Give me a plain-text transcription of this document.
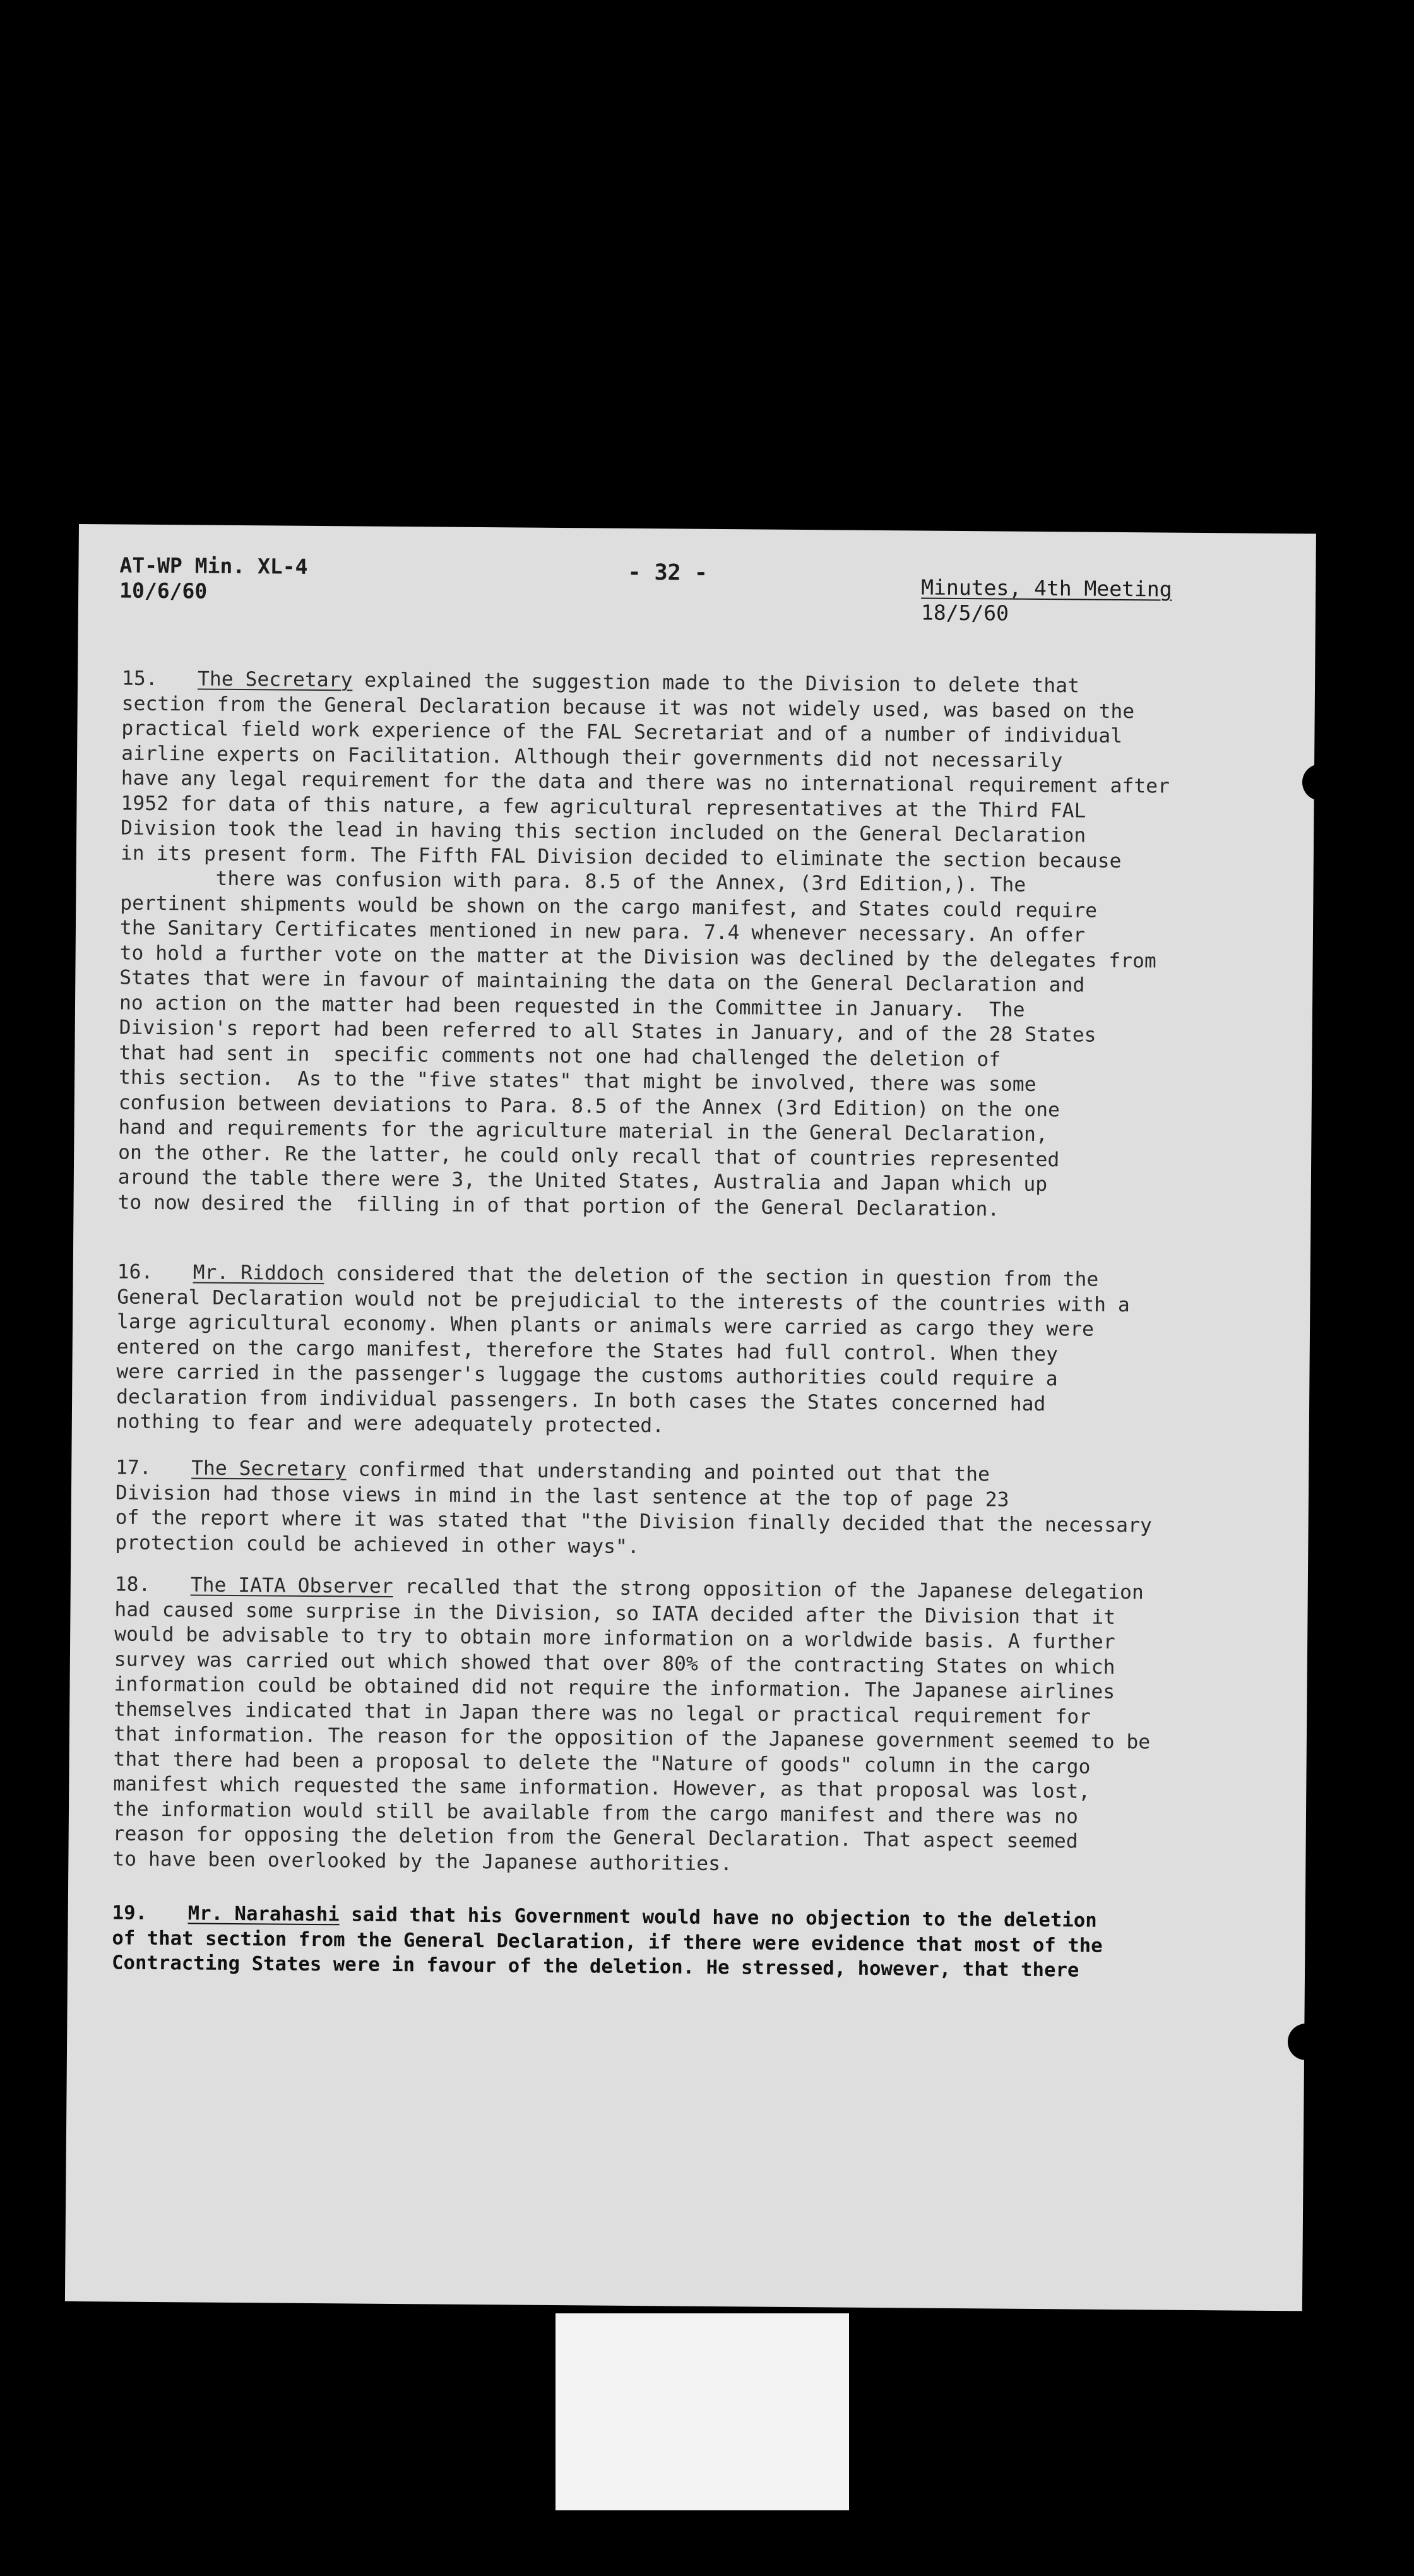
AT-WP Min. XL-4
10/6/60
- 32 -
Minutes, 4th Meeting
18/5/60
15. The Secretary explained the suggestion made to the Division to delete that
section from the General Declaration because it was not widely used, was based on the
practical field work experience of the FAL Secretariat and of a number of individual
airline experts on Facilitation. Although their governments did not necessarily
have any legal requirement for the data and there was no international requirement after
1952 for data of this nature, a few agricultural representatives at the Third FAL
Division took the lead in having this section included on the General Declaration
in its present form. The Fifth FAL Division decided to eliminate the section because
there was confusion with para. 8.5 of the Annex, (3rd Edition,). The
pertinent shipments would be shown on the cargo manifest, and States could require
the Sanitary Certificates mentioned in new para. 7.4 whenever necessary. An offer
to hold a further vote on the matter at the Division was declined by the delegates from
States that were in favour of maintaining the data on the General Declaration and
no action on the matter had been requested in the Committee in January.  The
Division's report had been referred to all States in January, and of the 28 States
that had sent in  specific comments not one had challenged the deletion of
this section.  As to the "five states" that might be involved, there was some
confusion between deviations to Para. 8.5 of the Annex (3rd Edition) on the one
hand and requirements for the agriculture material in the General Declaration,
on the other. Re the latter, he could only recall that of countries represented
around the table there were 3, the United States, Australia and Japan which up
to now desired the  filling in of that portion of the General Declaration.
16. Mr. Riddoch considered that the deletion of the section in question from the
General Declaration would not be prejudicial to the interests of the countries with a
large agricultural economy. When plants or animals were carried as cargo they were
entered on the cargo manifest, therefore the States had full control. When they
were carried in the passenger's luggage the customs authorities could require a
declaration from individual passengers. In both cases the States concerned had
nothing to fear and were adequately protected.
17. The Secretary confirmed that understanding and pointed out that the
Division had those views in mind in the last sentence at the top of page 23
of the report where it was stated that "the Division finally decided that the necessary
protection could be achieved in other ways".
18. The IATA Observer recalled that the strong opposition of the Japanese delegation
had caused some surprise in the Division, so IATA decided after the Division that it
would be advisable to try to obtain more information on a worldwide basis. A further
survey was carried out which showed that over 80% of the contracting States on which
information could be obtained did not require the information. The Japanese airlines
themselves indicated that in Japan there was no legal or practical requirement for
that information. The reason for the opposition of the Japanese government seemed to be
that there had been a proposal to delete the "Nature of goods" column in the cargo
manifest which requested the same information. However, as that proposal was lost,
the information would still be available from the cargo manifest and there was no
reason for opposing the deletion from the General Declaration. That aspect seemed
to have been overlooked by the Japanese authorities.
19. Mr. Narahashi said that his Government would have no objection to the deletion
of that section from the General Declaration, if there were evidence that most of the
Contracting States were in favour of the deletion. He stressed, however, that there
